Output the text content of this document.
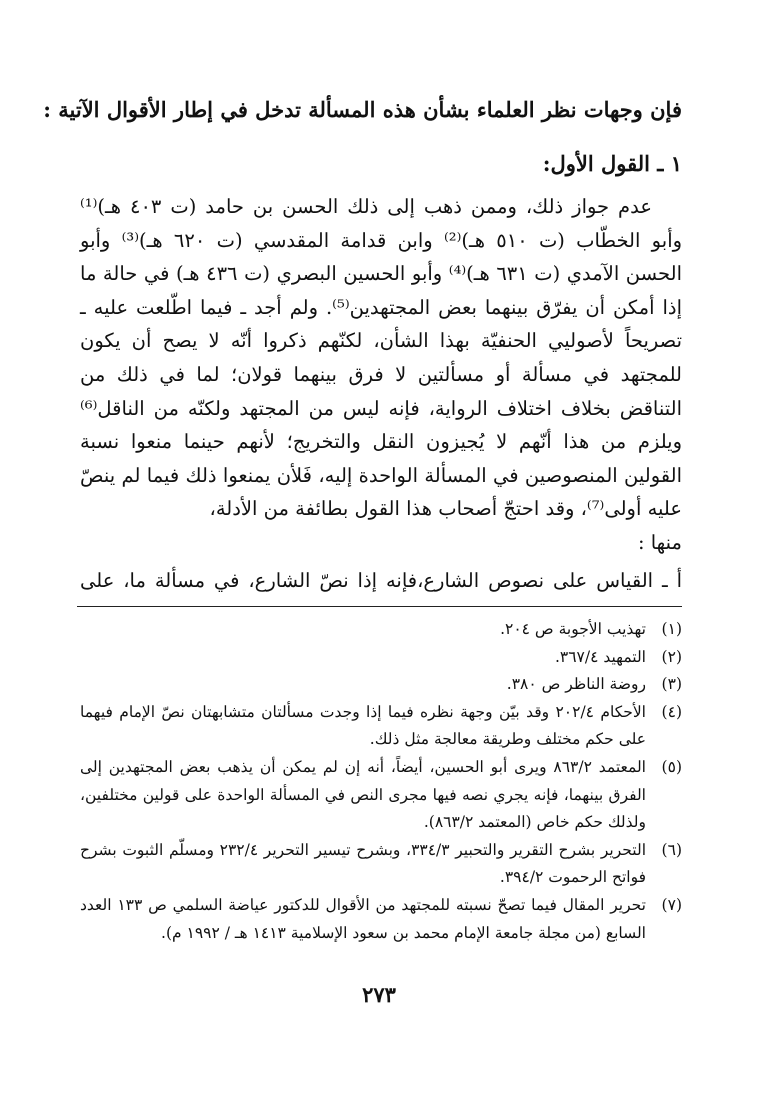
فإن وجهات نظر العلماء بشأن هذه المسألة تدخل في إطار الأقوال الآتية :
١ ـ القول الأول:

عدم جواز ذلك، وممن ذهب إلى ذلك الحسن بن حامد (ت ٤٠٣ هـ)⁽¹⁾ وأبو الخطّاب (ت ٥١٠ هـ)⁽²⁾ وابن قدامة المقدسي (ت ٦٢٠ هـ)⁽³⁾ وأبو الحسن الآمدي (ت ٦٣١ هـ)⁽⁴⁾ وأبو الحسين البصري (ت ٤٣٦ هـ) في حالة ما إذا أمكن أن يفرّق بينهما بعض المجتهدين⁽⁵⁾. ولم أجد ـ فيما اطّلعت عليه ـ تصريحاً لأصوليي الحنفيّة بهذا الشأن، لكنّهم ذكروا أنّه لا يصح أن يكون للمجتهد في مسألة أو مسألتين لا فرق بينهما قولان؛ لما في ذلك من التناقض بخلاف اختلاف الرواية، فإنه ليس من المجتهد ولكنّه من الناقل⁽⁶⁾ ويلزم من هذا أنّهم لا يُجيزون النقل والتخريج؛ لأنهم حينما منعوا نسبة القولين المنصوصين في المسألة الواحدة إليه، فَلأن يمنعوا ذلك فيما لم ينصّ عليه أولى⁽⁷⁾، وقد احتجّ أصحاب هذا القول بطائفة من الأدلة،

منها :

أ ـ القياس على نصوص الشارع،فإنه إذا نصّ الشارع، في مسألة ما، على
(١)
تهذيب الأجوبة ص ٢٠٤.
(٢)
التمهيد ٣٦٧/٤.
(٣)
روضة الناظر ص ٣٨٠.
(٤)
الأحكام ٢٠٢/٤ وقد بيّن وجهة نظره فيما إذا وجدت مسألتان متشابهتان نصّ الإمام فيهما على حكم مختلف وطريقة معالجة مثل ذلك.
(٥)
المعتمد ٨٦٣/٢ ويرى أبو الحسين، أيضاً، أنه إن لم يمكن أن يذهب بعض المجتهدين إلى الفرق بينهما، فإنه يجري نصه فيها مجرى النص في المسألة الواحدة على قولين مختلفين، ولذلك حكم خاص (المعتمد ٨٦٣/٢).
(٦)
التحرير بشرح التقرير والتحبير ٣٣٤/٣، وبشرح تيسير التحرير ٢٣٢/٤ ومسلّم الثبوت بشرح فواتح الرحموت ٣٩٤/٢.
(٧)
تحرير المقال فيما تصحّ نسبته للمجتهد من الأقوال للدكتور عياضة السلمي ص ١٣٣ العدد السابع (من مجلة جامعة الإمام محمد بن سعود الإسلامية ١٤١٣ هـ / ١٩٩٢ م).
٢٧٣
